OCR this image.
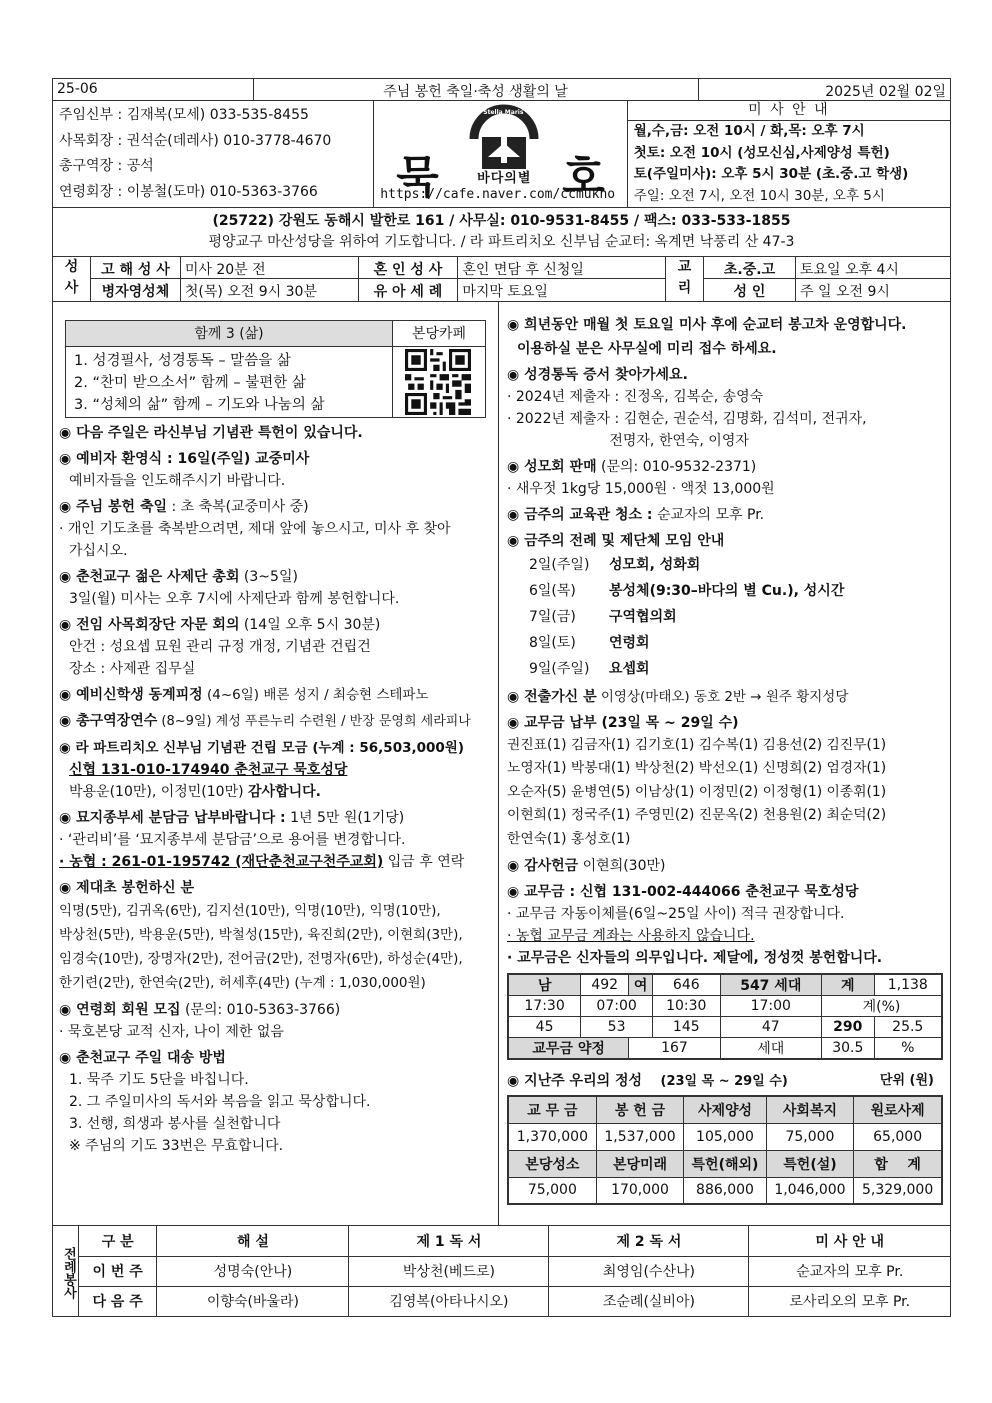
25-06	주님 봉헌 축일·축성 생활의 날	2025년 02월 02일
주임신부 : 김재복(모세) 033-535-8455
사목회장 : 권석순(데레사) 010-3778-4670
총구역장 : 공석
연령회장 : 이봉철(도마) 010-5363-3766	묵	호
Stella Maris
바다의별
https://cafe.naver.com/ccmukho
미 사 안 내
월,수,금: 오전 10시 / 화,목: 오후 7시
첫토: 오전 10시 (성모신심,사제양성 특헌)
토(주일미사): 오후 5시 30분 (초.중.고 학생)
주일: 오전 7시, 오전 10시 30분, 오후 5시
(25722) 강원도 동해시 발한로 161 / 사무실: 010-9531-8455 / 팩스: 033-533-1855
평양교구 마산성당을 위하여 기도합니다. / 라 파트리치오 신부님 순교터: 옥계면 낙풍리 산 47-3
성
사
고 해 성 사	미사 20분 전	혼 인 성 사	혼인 면담 후 신청일
병자영성체	첫(목) 오전 9시 30분	유 아 세 례	마지막 토요일
교
리
초.중.고	토요일 오후 4시
성 인	주 일 오전 9시
함께 3 (삶)
1. 성경필사, 성경통독 – 말씀을 삶
2. “찬미 받으소서” 함께 – 불편한 삶
3. “성체의 삶” 함께 – 기도와 나눔의 삶
본당카페
◉ 다음 주일은 라신부님 기념관 특헌이 있습니다.
◉ 예비자 환영식 : 16일(주일) 교중미사
예비자들을 인도해주시기 바랍니다.
◉ 주님 봉헌 축일 : 초 축복(교중미사 중)
· 개인 기도초를 축복받으려면, 제대 앞에 놓으시고, 미사 후 찾아
가십시오.
◉ 춘천교구 젊은 사제단 총회 (3~5일)
3일(월) 미사는 오후 7시에 사제단과 함께 봉헌합니다.
◉ 전임 사목회장단 자문 회의 (14일 오후 5시 30분)
안건 : 성요셉 묘원 관리 규정 개정, 기념관 건립건
장소 : 사제관 집무실
◉ 예비신학생 동계피정 (4~6일) 배론 성지 / 최승현 스테파노
◉ 총구역장연수 (8~9일) 계성 푸른누리 수련원 / 반장 문영희 세라피나
◉ 라 파트리치오 신부님 기념관 건립 모금 (누계 : 56,503,000원)
신협 131-010-174940 춘천교구 묵호성당
박용운(10만), 이정민(10만) 감사합니다.
◉ 묘지종부세 분담금 납부바랍니다 : 1년 5만 원(1기당)
· ‘관리비’를 ‘묘지종부세 분담금’으로 용어를 변경합니다.
· 농협 : 261-01-195742 (재단춘천교구천주교회) 입금 후 연락
◉ 제대초 봉헌하신 분
익명(5만), 김귀옥(6만), 김지선(10만), 익명(10만), 익명(10만),
박상천(5만), 박용운(5만), 박철성(15만), 육진희(2만), 이현희(3만),
임경숙(10만), 장명자(2만), 전어금(2만), 전명자(6만), 하성순(4만),
한기련(2만), 한연숙(2만), 허세후(4만) (누계 : 1,030,000원)
◉ 연령회 회원 모집 (문의: 010-5363-3766)
· 묵호본당 교적 신자, 나이 제한 없음
◉ 춘천교구 주일 대송 방법
1. 묵주 기도 5단을 바칩니다.
2. 그 주일미사의 독서와 복음을 읽고 묵상합니다.
3. 선행, 희생과 봉사를 실천합니다
※ 주님의 기도 33번은 무효합니다.
◉ 희년동안 매월 첫 토요일 미사 후에 순교터 봉고차 운영합니다.
이용하실 분은 사무실에 미리 접수 하세요.
◉ 성경통독 증서 찾아가세요.
· 2024년 제출자 : 진정옥, 김복순, 송영숙
· 2022년 제출자 : 김현순, 권순석, 김명화, 김석미, 전귀자,
전명자, 한연숙, 이영자
◉ 성모회 판매 (문의: 010-9532-2371)
· 새우젓 1kg당 15,000원 · 액젓 13,000원
◉ 금주의 교육관 청소 : 순교자의 모후 Pr.
◉ 금주의 전례 및 제단체 모임 안내
2일(주일) 성모회, 성화회
6일(목) 봉성체(9:30–바다의 별 Cu.), 성시간
7일(금) 구역협의회
8일(토) 연령회
9일(주일) 요셉회
◉ 전출가신 분 이영상(마태오) 동호 2반 → 원주 황지성당
◉ 교무금 납부 (23일 목 ~ 29일 수)
권진표(1) 김금자(1) 김기호(1) 김수복(1) 김용선(2) 김진무(1)
노영자(1) 박봉대(1) 박상천(2) 박선오(1) 신명희(2) 엄경자(1)
오순자(5) 윤병연(5) 이남상(1) 이정민(2) 이정형(1) 이종휘(1)
이현희(1) 정국주(1) 주영민(2) 진문옥(2) 천용원(2) 최순덕(2)
한연숙(1) 홍성호(1)
◉ 감사헌금 이현희(30만)
◉ 교무금 : 신협 131-002-444066 춘천교구 묵호성당
· 교무금 자동이체를(6일~25일 사이) 적극 권장합니다.
· 농협 교무금 계좌는 사용하지 않습니다.
· 교무금은 신자들의 의무입니다. 제달에, 정성껏 봉헌합니다.
남	492	여	646	547 세대	계	1,138
17:30	07:00		10:30	17:00	계(%)	
45	53		145	47	290	25.5
교무금 약정		167		세대	30.5	%
◉ 지난주 우리의 정성 (23일 목 ~ 29일 수)	단위 (원)
교 무 금	봉 헌 금	사제양성	사회복지	원로사제
1,370,000	1,537,000	105,000	75,000	65,000
본당성소	본당미래	특헌(해외)	특헌(설)	합    계
75,000	170,000	886,000	1,046,000	5,329,000
전례봉사
구 분	해 설	제 1 독 서	제 2 독 서	미 사 안 내
이 번 주	성명숙(안나)	박상천(베드로)	최영임(수산나)	순교자의 모후 Pr.
다 음 주	이향숙(바울라)	김영복(아타나시오)	조순례(실비아)	로사리오의 모후 Pr.
